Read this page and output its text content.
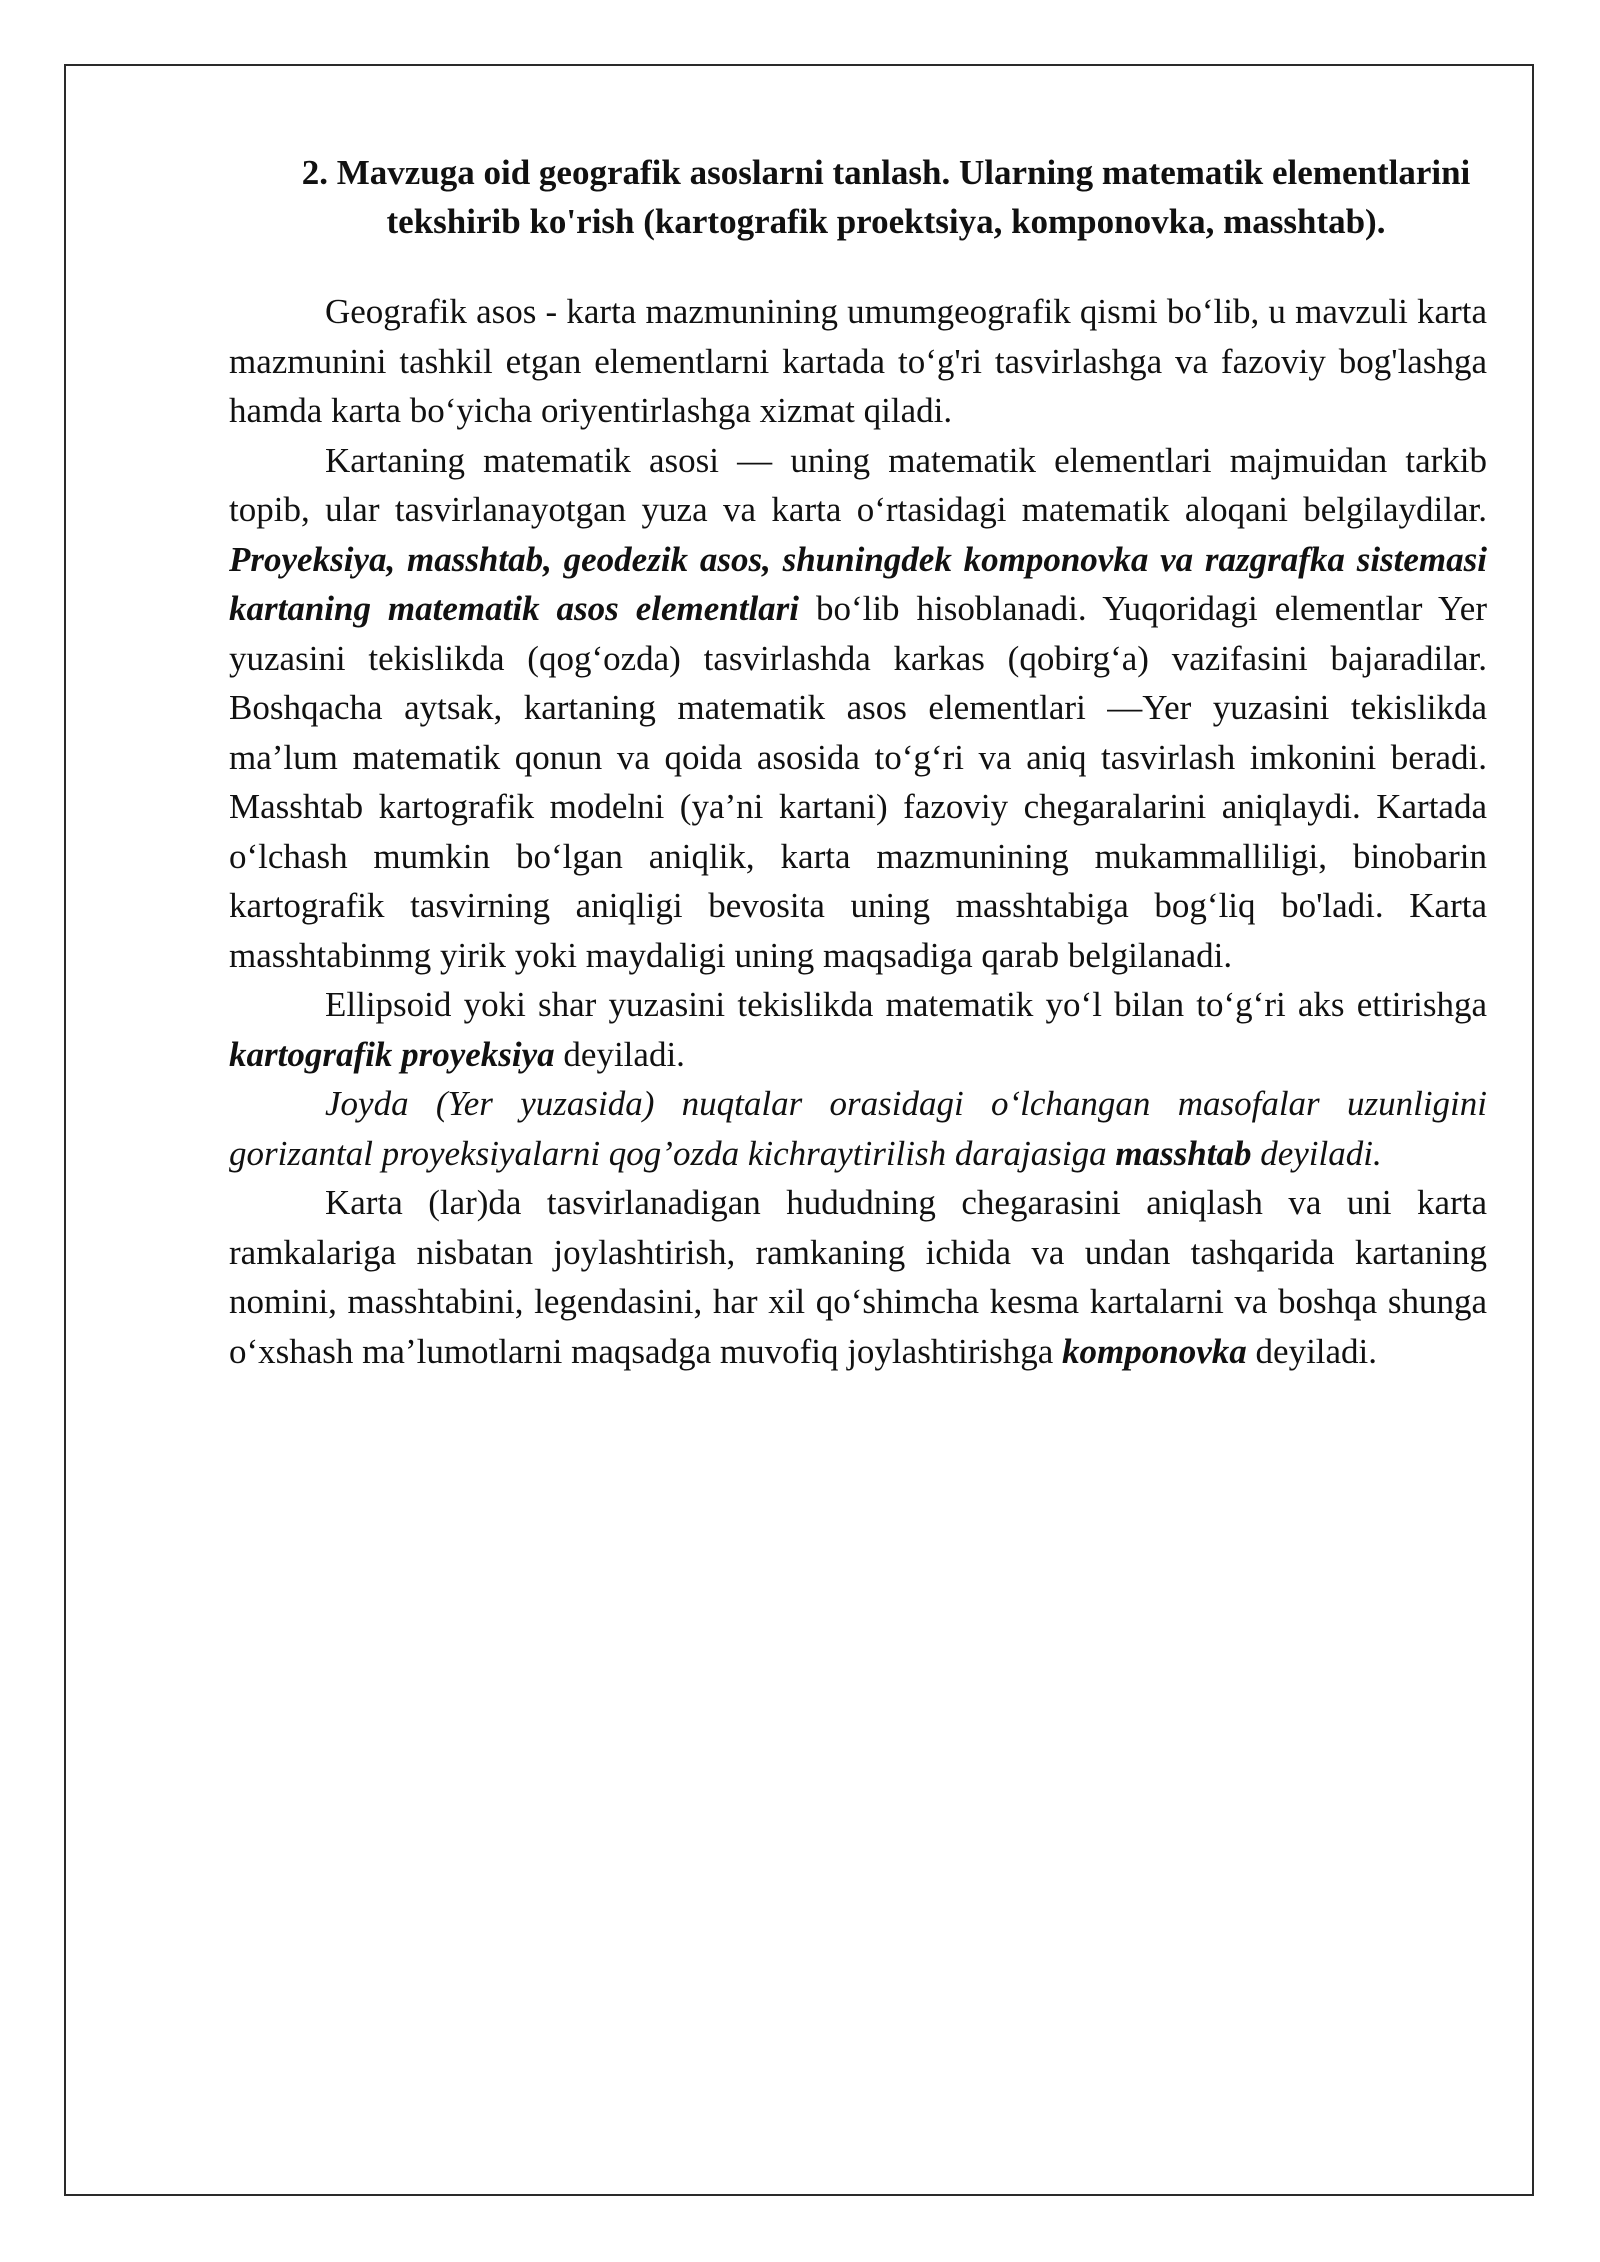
2. Mavzuga oid geografik asoslarni tanlash. Ularning matematik elementlarini tekshirib ko'rish (kartografik proektsiya, komponovka, masshtab).

Geografik asos - karta mazmunining umumgeografik qismi bo‘lib, u mavzuli karta mazmunini tashkil etgan elementlarni kartada to‘g'ri tasvirlashga va fazoviy bog'lashga hamda karta bo‘yicha oriyentirlashga xizmat qiladi.

Kartaning matematik asosi — uning matematik elementlari majmuidan tarkib topib, ular tasvirlanayotgan yuza va karta o‘rtasidagi matematik aloqani belgilaydilar. Proyeksiya, masshtab, geodezik asos, shuningdek komponovka va razgrafka sistemasi kartaning matematik asos elementlari bo‘lib hisoblanadi. Yuqoridagi elementlar Yer yuzasini tekislikda (qog‘ozda) tasvirlashda karkas (qobirg‘a) vazifasini bajaradilar. Boshqacha aytsak, kartaning matematik asos elementlari —Yer yuzasini tekislikda ma’lum matematik qonun va qoida asosida to‘g‘ri va aniq tasvirlash imkonini beradi. Masshtab kartografik modelni (ya’ni kartani) fazoviy chegaralarini aniqlaydi. Kartada o‘lchash mumkin bo‘lgan aniqlik, karta mazmunining mukammalliligi, binobarin kartografik tasvirning aniqligi bevosita uning masshtabiga bog‘liq bo'ladi. Karta masshtabinmg yirik yoki maydaligi uning maqsadiga qarab belgilanadi.

Ellipsoid yoki shar yuzasini tekislikda matematik yo‘l bilan to‘g‘ri aks ettirishga kartografik proyeksiya deyiladi.

Joyda (Yer yuzasida) nuqtalar orasidagi o‘lchangan masofalar uzunligini gorizantal proyeksiyalarni qog’ozda kichraytirilish darajasiga masshtab deyiladi.

Karta (lar)da tasvirlanadigan hududning chegarasini aniqlash va uni karta ramkalariga nisbatan joylashtirish, ramkaning ichida va undan tashqarida kartaning nomini, masshtabini, legendasini, har xil qo‘shimcha kesma kartalarni va boshqa shunga o‘xshash ma’lumotlarni maqsadga muvofiq joylashtirishga komponovka deyiladi.
